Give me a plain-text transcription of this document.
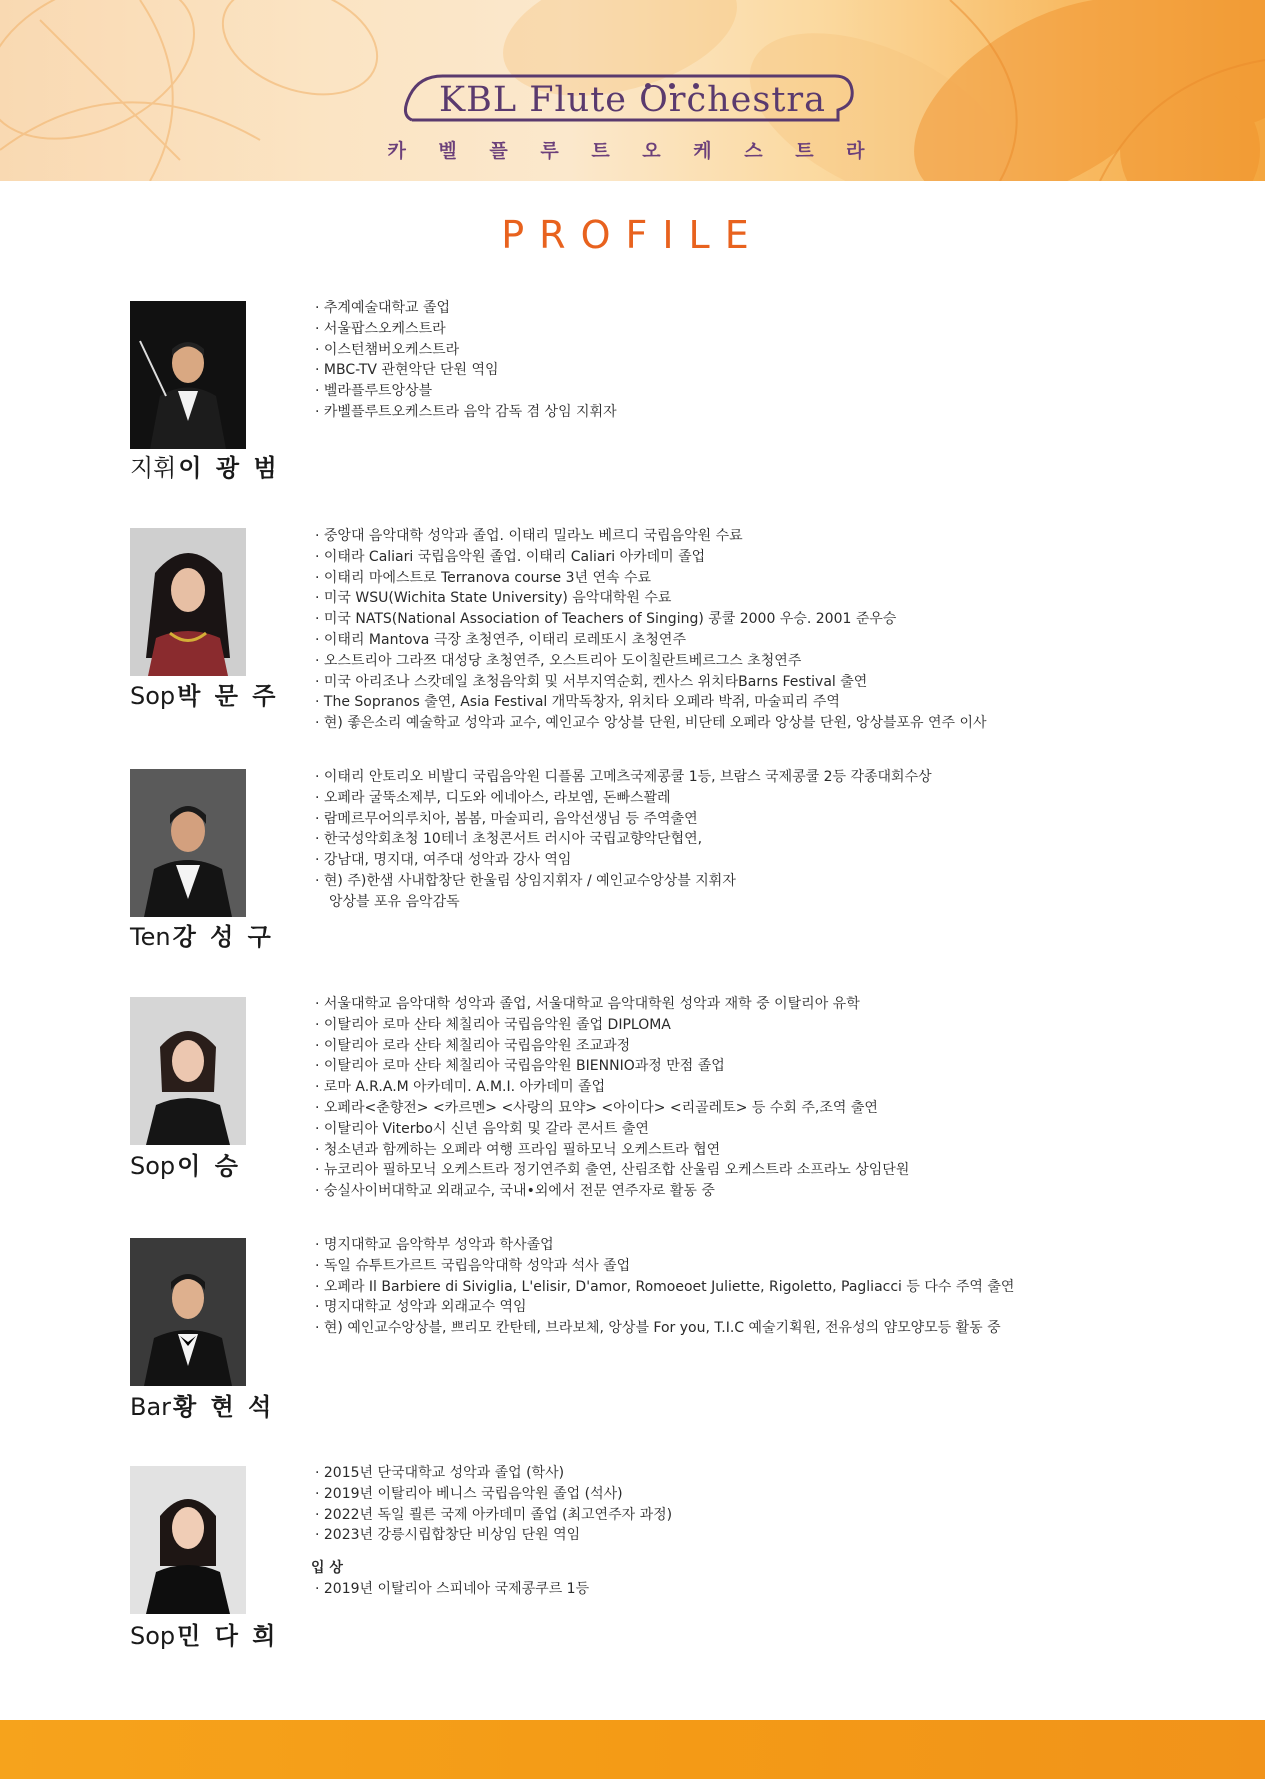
KBL Flute Orchestra
카 벨 플 루 트 오 케 스 트 라
PROFILE
지휘이 광 범
· 추계예술대학교 졸업
· 서울팝스오케스트라
· 이스턴챔버오케스트라
· MBC-TV 관현악단 단원 역임
· 벨라플루트앙상블
· 카벨플루트오케스트라 음악 감독 겸 상임 지휘자
Sop박 문 주
· 중앙대 음악대학 성악과 졸업. 이태리 밀라노 베르디 국립음악원 수료
· 이태라 Caliari 국립음악원 졸업. 이태리 Caliari 아카데미 졸업
· 이태리 마에스트로 Terranova course 3년 연속 수료
· 미국 WSU(Wichita State University) 음악대학원 수료
· 미국 NATS(National Association of Teachers of Singing) 콩쿨 2000 우승. 2001 준우승
· 이태리 Mantova 극장 초청연주, 이태리 로레또시 초청연주
· 오스트리아 그라쯔 대성당 초청연주, 오스트리아 도이칠란트베르그스 초청연주
· 미국 아리조나 스캇데일 초청음악회 및 서부지역순회, 켄사스 위치타Barns Festival 출연
· The Sopranos 출연, Asia Festival 개막독창자, 위치타 오페라 박쥐, 마술피리 주역
· 현) 좋은소리 예술학교 성악과 교수, 예인교수 앙상블 단원, 비단테 오페라 앙상블 단원, 앙상블포유 연주 이사
Ten강 성 구
· 이태리 안토리오 비발디 국립음악원 디플롬 고메츠국제콩쿨 1등, 브람스 국제콩쿨 2등 각종대회수상
· 오페라 굴뚝소제부, 디도와 에네아스, 라보엠, 돈빠스꽐레
· 람메르무어의루치아, 봄봄, 마술피리, 음악선생님 등 주역출연
· 한국성악회초청 10테너 초청콘서트 러시아 국립교향악단협연,
· 강남대, 명지대, 여주대 성악과 강사 역임
· 현) 주)한샘 사내합창단 한울림 상임지휘자 / 예인교수앙상블 지휘자
앙상블 포유 음악감독
Sop이 승
· 서울대학교 음악대학 성악과 졸업, 서울대학교 음악대학원 성악과 재학 중 이탈리아 유학
· 이탈리아 로마 산타 체칠리아 국립음악원 졸업 DIPLOMA
· 이탈리아 로라 산타 체칠리아 국립음악원 조교과정
· 이탈리아 로마 산타 체칠리아 국립음악원 BIENNIO과정 만점 졸업
· 로마 A.R.A.M 아카데미. A.M.I. 아카데미 졸업
· 오페라<춘향전> <카르멘> <사랑의 묘약> <아이다> <리골레토> 등 수회 주,조역 출연
· 이탈리아 Viterbo시 신년 음악회 및 갈라 콘서트 출연
· 청소년과 함께하는 오페라 여행 프라임 필하모닉 오케스트라 협연
· 뉴코리아 필하모닉 오케스트라 정기연주회 출연, 산림조합 산울림 오케스트라 소프라노 상임단원
· 숭실사이버대학교 외래교수, 국내•외에서 전문 연주자로 활동 중
Bar황 현 석
· 명지대학교 음악학부 성악과 학사졸업
· 독일 슈투트가르트 국립음악대학 성악과 석사 졸업
· 오페라 Il Barbiere di Siviglia, L'elisir, D'amor, Romoeoet Juliette, Rigoletto, Pagliacci 등 다수 주역 출연
· 명지대학교 성악과 외래교수 역임
· 현) 예인교수앙상블, 쁘리모 칸탄테, 브라보체, 앙상블 For you, T.I.C 예술기획원, 전유성의 얌모양모등 활동 중
Sop민 다 희
· 2015년 단국대학교 성악과 졸업 (학사)
· 2019년 이탈리아 베니스 국립음악원 졸업 (석사)
· 2022년 독일 쾰른 국제 아카데미 졸업 (최고연주자 과정)
· 2023년 강릉시립합창단 비상임 단원 역임
입 상
· 2019년 이탈리아 스피네아 국제콩쿠르 1등
